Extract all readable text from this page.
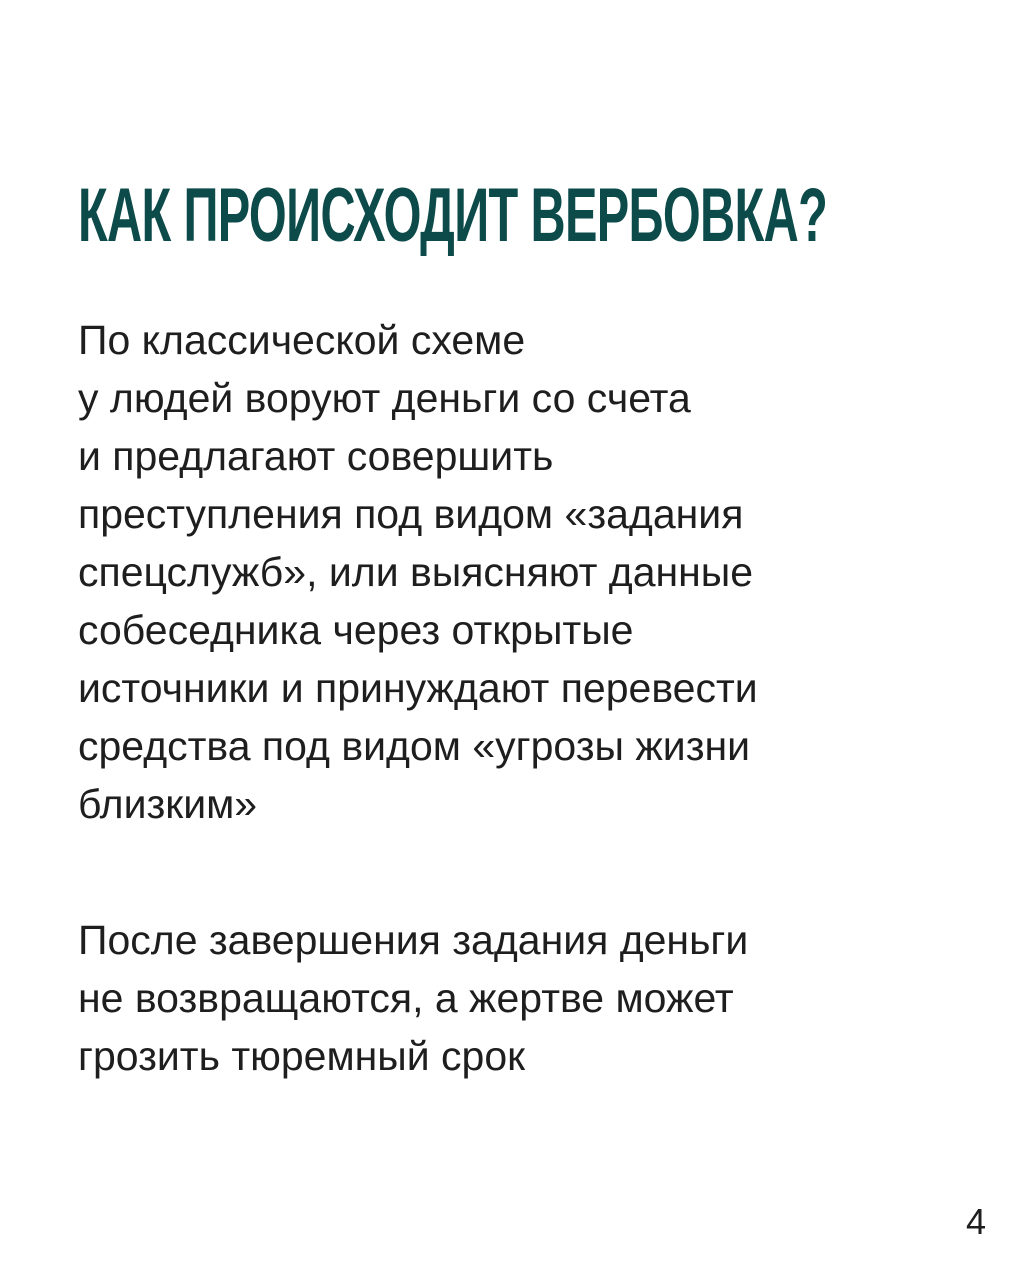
КАК ПРОИСХОДИТ ВЕРБОВКА?

По классической схеме
у людей воруют деньги со счета
и предлагают совершить
преступления под видом «задания
спецслужб», или выясняют данные
собеседника через открытые
источники и принуждают перевести
средства под видом «угрозы жизни
близким»

После завершения задания деньги
не возвращаются, а жертве может
грозить тюремный срок

4
